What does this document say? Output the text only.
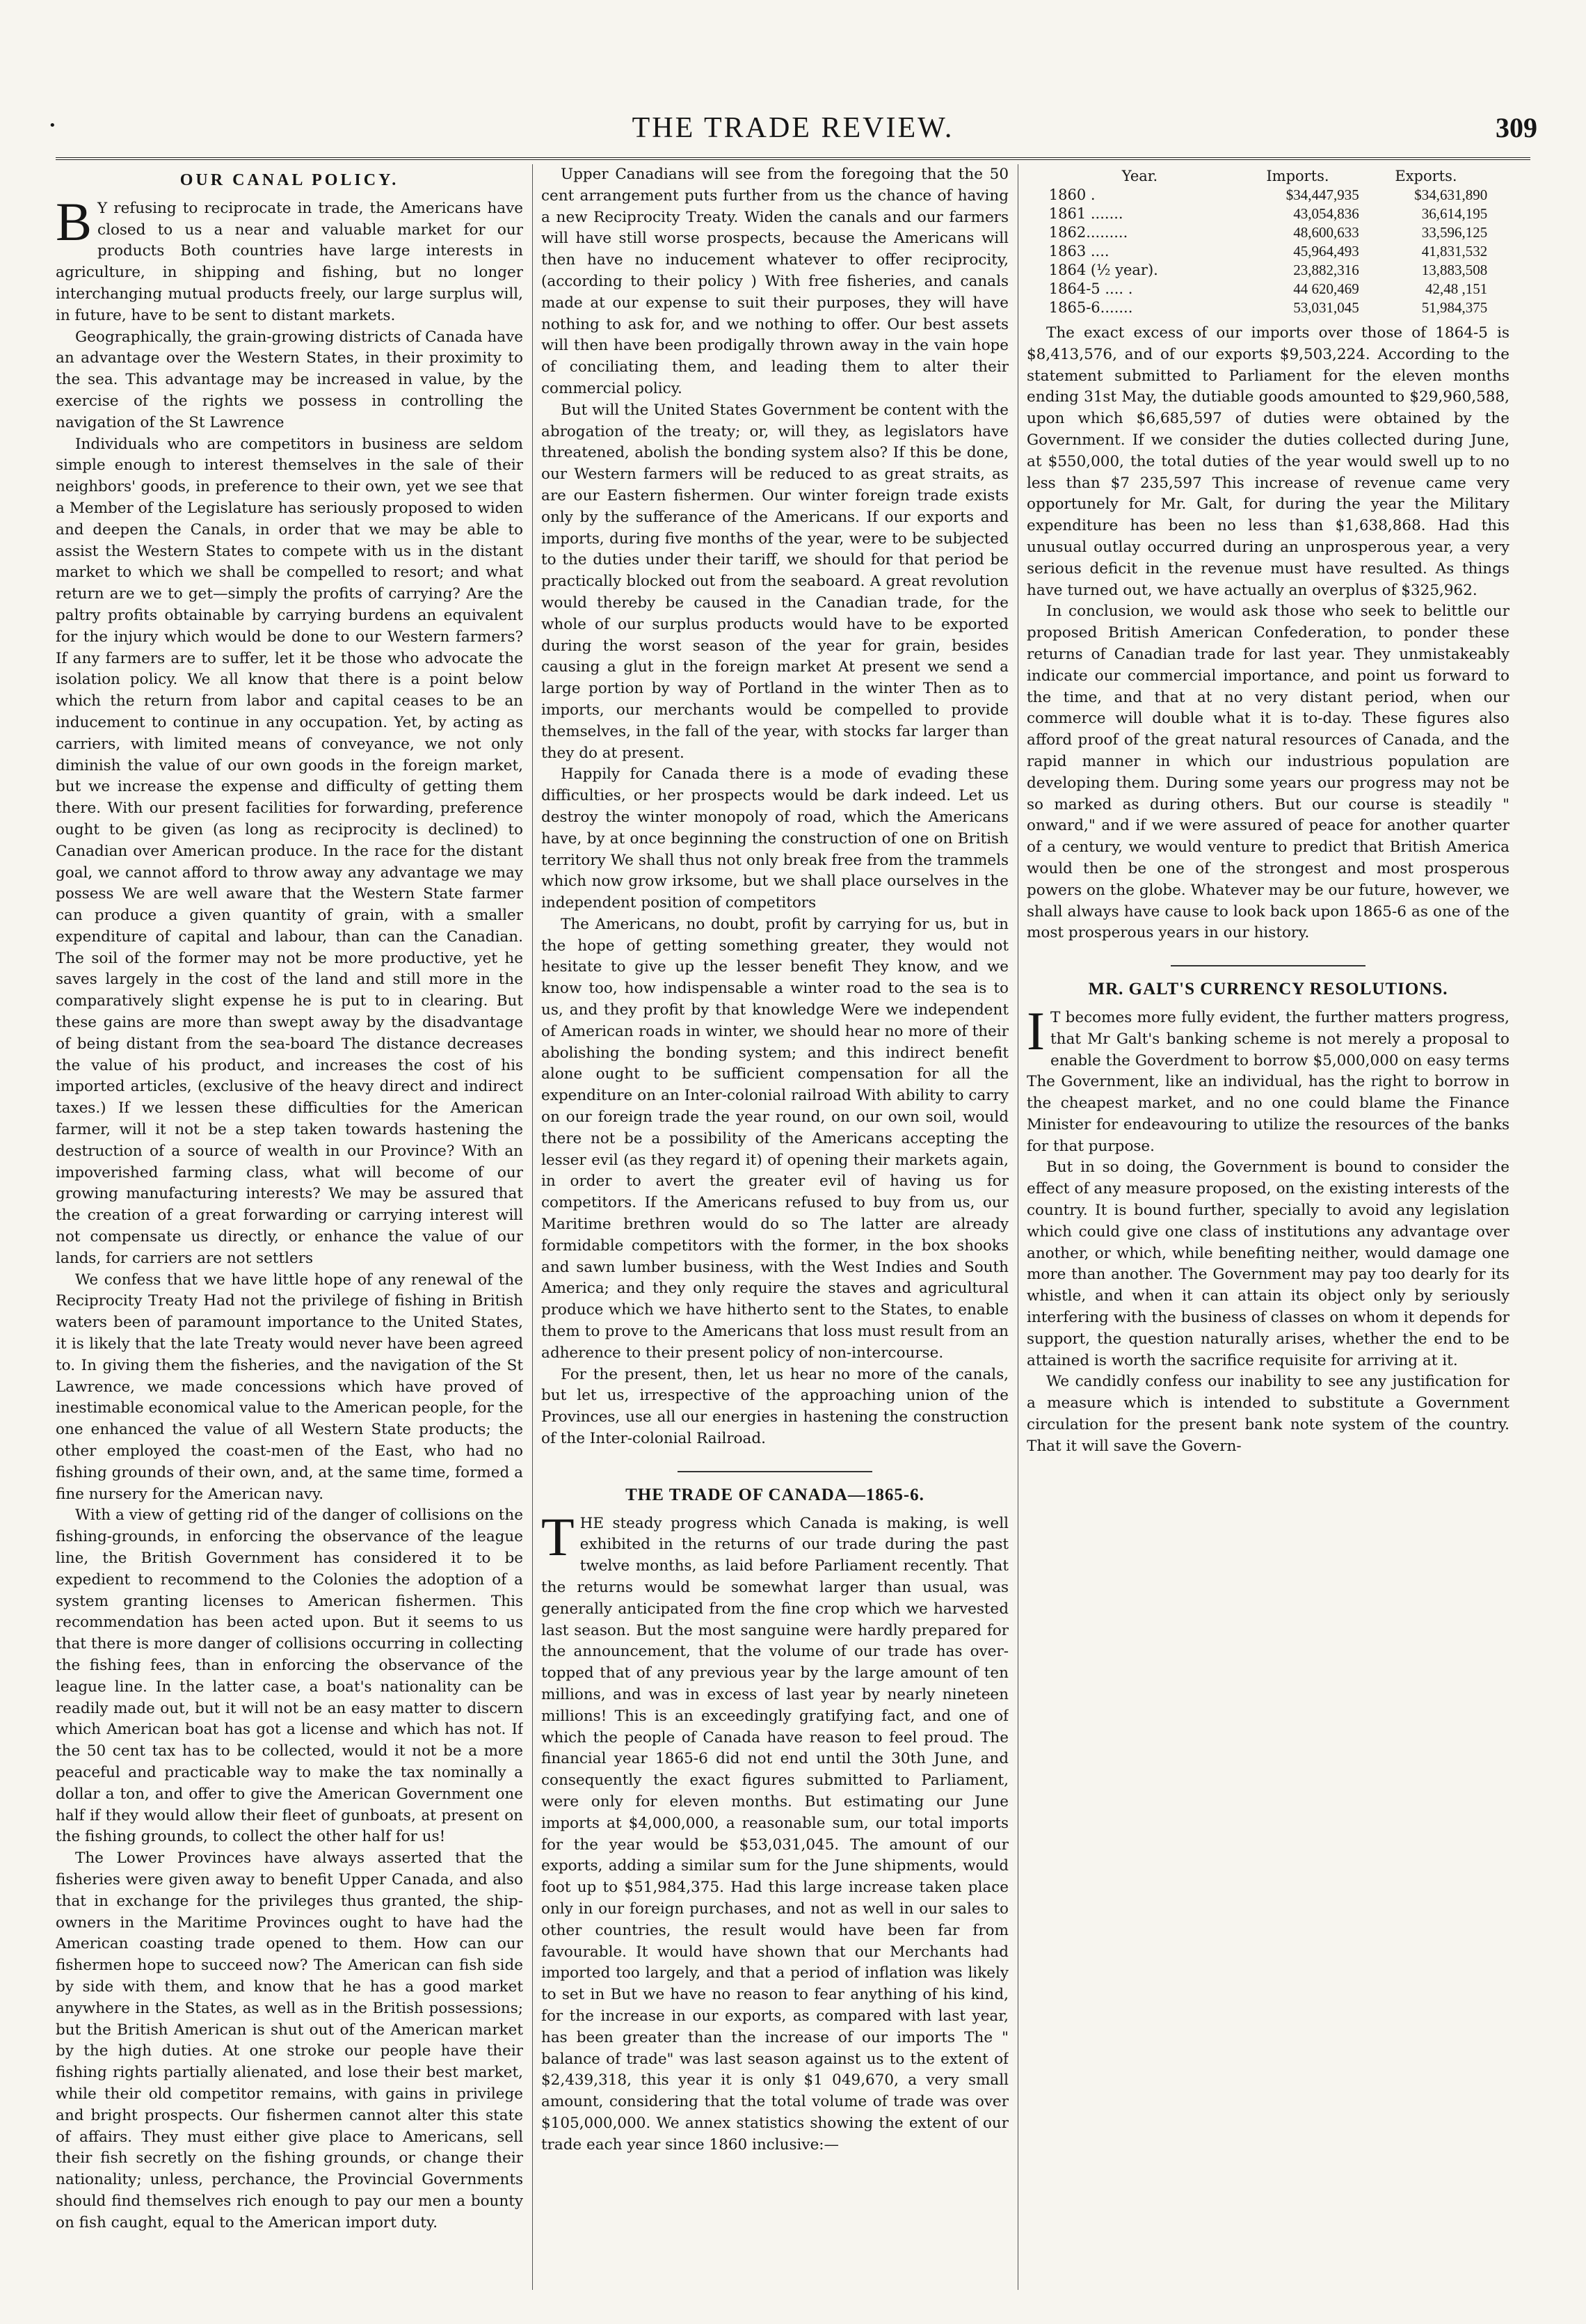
•	THE TRADE REVIEW.	309
OUR CANAL POLICY.

B Y refusing to reciprocate in trade, the Americans have closed to us a near and valuable market for our products Both countries have large interests in agriculture, in shipping and fishing, but no longer interchanging mutual products freely, our large surplus will, in future, have to be sent to distant markets.

Geographically, the grain-growing districts of Canada have an advantage over the Western States, in their proximity to the sea. This advantage may be increased in value, by the exercise of the rights we possess in controlling the navigation of the St Lawrence

Individuals who are competitors in business are seldom simple enough to interest themselves in the sale of their neighbors' goods, in preference to their own, yet we see that a Member of the Legislature has seriously proposed to widen and deepen the Canals, in order that we may be able to assist the Western States to compete with us in the distant market to which we shall be compelled to resort; and what return are we to get—simply the profits of carrying? Are the paltry profits obtainable by carrying burdens an equivalent for the injury which would be done to our Western farmers? If any farmers are to suffer, let it be those who advocate the isolation policy. We all know that there is a point below which the return from labor and capital ceases to be an inducement to continue in any occupation. Yet, by acting as carriers, with limited means of conveyance, we not only diminish the value of our own goods in the foreign market, but we increase the expense and difficulty of getting them there. With our present facilities for forwarding, preference ought to be given (as long as reciprocity is declined) to Canadian over American produce. In the race for the distant goal, we cannot afford to throw away any advantage we may possess We are well aware that the Western State farmer can produce a given quantity of grain, with a smaller expenditure of capital and labour, than can the Canadian. The soil of the former may not be more productive, yet he saves largely in the cost of the land and still more in the comparatively slight expense he is put to in clearing. But these gains are more than swept away by the disadvantage of being distant from the sea-board The distance decreases the value of his product, and increases the cost of his imported articles, (exclusive of the heavy direct and indirect taxes.) If we lessen these difficulties for the American farmer, will it not be a step taken towards hastening the destruction of a source of wealth in our Province? With an impoverished farming class, what will become of our growing manufacturing interests? We may be assured that the creation of a great forwarding or carrying interest will not compensate us directly, or enhance the value of our lands, for carriers are not settlers

We confess that we have little hope of any renewal of the Reciprocity Treaty Had not the privilege of fishing in British waters been of paramount importance to the United States, it is likely that the late Treaty would never have been agreed to. In giving them the fisheries, and the navigation of the St Lawrence, we made concessions which have proved of inestimable economical value to the American people, for the one enhanced the value of all Western State products; the other employed the coast-men of the East, who had no fishing grounds of their own, and, at the same time, formed a fine nursery for the American navy.

With a view of getting rid of the danger of collisions on the fishing-grounds, in enforcing the observance of the league line, the British Government has considered it to be expedient to recommend to the Colonies the adoption of a system granting licenses to American fishermen. This recommendation has been acted upon. But it seems to us that there is more danger of collisions occurring in collecting the fishing fees, than in enforcing the observance of the league line. In the latter case, a boat's nationality can be readily made out, but it will not be an easy matter to discern which American boat has got a license and which has not. If the 50 cent tax has to be collected, would it not be a more peaceful and practicable way to make the tax nominally a dollar a ton, and offer to give the American Government one half if they would allow their fleet of gunboats, at present on the fishing grounds, to collect the other half for us!

The Lower Provinces have always asserted that the fisheries were given away to benefit Upper Canada, and also that in exchange for the privileges thus granted, the ship-owners in the Maritime Provinces ought to have had the American coasting trade opened to them. How can our fishermen hope to succeed now? The American can fish side by side with them, and know that he has a good market anywhere in the States, as well as in the British possessions; but the British American is shut out of the American market by the high duties. At one stroke our people have their fishing rights partially alienated, and lose their best market, while their old competitor remains, with gains in privilege and bright prospects. Our fishermen cannot alter this state of affairs. They must either give place to Americans, sell their fish secretly on the fishing grounds, or change their nationality; unless, perchance, the Provincial Governments should find themselves rich enough to pay our men a bounty on fish caught, equal to the American import duty.

Upper Canadians will see from the foregoing that the 50 cent arrangement puts further from us the chance of having a new Reciprocity Treaty. Widen the canals and our farmers will have still worse prospects, because the Americans will then have no inducement whatever to offer reciprocity, (according to their policy ) With free fisheries, and canals made at our expense to suit their purposes, they will have nothing to ask for, and we nothing to offer. Our best assets will then have been prodigally thrown away in the vain hope of conciliating them, and leading them to alter their commercial policy.

But will the United States Government be content with the abrogation of the treaty; or, will they, as legislators have threatened, abolish the bonding system also? If this be done, our Western farmers will be reduced to as great straits, as are our Eastern fishermen. Our winter foreign trade exists only by the sufferance of the Americans. If our exports and imports, during five months of the year, were to be subjected to the duties under their tariff, we should for that period be practically blocked out from the seaboard. A great revolution would thereby be caused in the Canadian trade, for the whole of our surplus products would have to be exported during the worst season of the year for grain, besides causing a glut in the foreign market At present we send a large portion by way of Portland in the winter Then as to imports, our merchants would be compelled to provide themselves, in the fall of the year, with stocks far larger than they do at present.

Happily for Canada there is a mode of evading these difficulties, or her prospects would be dark indeed. Let us destroy the winter monopoly of road, which the Americans have, by at once beginning the construction of one on British territory We shall thus not only break free from the trammels which now grow irksome, but we shall place ourselves in the independent position of competitors

The Americans, no doubt, profit by carrying for us, but in the hope of getting something greater, they would not hesitate to give up the lesser benefit They know, and we know too, how indispensable a winter road to the sea is to us, and they profit by that knowledge Were we independent of American roads in winter, we should hear no more of their abolishing the bonding system; and this indirect benefit alone ought to be sufficient compensation for all the expenditure on an Inter-colonial railroad With ability to carry on our foreign trade the year round, on our own soil, would there not be a possibility of the Americans accepting the lesser evil (as they regard it) of opening their markets again, in order to avert the greater evil of having us for competitors. If the Americans refused to buy from us, our Maritime brethren would do so The latter are already formidable competitors with the former, in the box shooks and sawn lumber business, with the West Indies and South America; and they only require the staves and agricultural produce which we have hitherto sent to the States, to enable them to prove to the Americans that loss must result from an adherence to their present policy of non-intercourse.

For the present, then, let us hear no more of the canals, but let us, irrespective of the approaching union of the Provinces, use all our energies in hastening the construction of the Inter-colonial Railroad.

THE TRADE OF CANADA—1865-6.

THE steady progress which Canada is making, is well exhibited in the returns of our trade during the past twelve months, as laid before Parliament recently. That the returns would be somewhat larger than usual, was generally anticipated from the fine crop which we harvested last season. But the most sanguine were hardly prepared for the announcement, that the volume of our trade has over-topped that of any previous year by the large amount of ten millions, and was in excess of last year by nearly nineteen millions! This is an exceedingly gratifying fact, and one of which the people of Canada have reason to feel proud. The financial year 1865-6 did not end until the 30th June, and consequently the exact figures submitted to Parliament, were only for eleven months. But estimating our June imports at $4,000,000, a reasonable sum, our total imports for the year would be $53,031,045. The amount of our exports, adding a similar sum for the June shipments, would foot up to $51,984,375. Had this large increase taken place only in our foreign purchases, and not as well in our sales to other countries, the result would have been far from favourable. It would have shown that our Merchants had imported too largely, and that a period of inflation was likely to set in But we have no reason to fear anything of his kind, for the increase in our exports, as compared with last year, has been greater than the increase of our imports The " balance of trade" was last season against us to the extent of $2,439,318, this year it is only $1 049,670, a very small amount, considering that the total volume of trade was over $105,000,000. We annex statistics showing the extent of our trade each year since 1860 inclusive:—

Year.	Imports.	Exports.
1860 .	$34,447,935	$34,631,890
1861 .......	43,054,836	36,614,195
1862.........	48,600,633	33,596,125
1863 ....	45,964,493	41,831,532
1864 (½ year).	23,882,316	13,883,508
1864-5 .... .	44 620,469	42,48 ,151
1865-6.......	53,031,045	51,984,375

The exact excess of our imports over those of 1864-5 is $8,413,576, and of our exports $9,503,224. According to the statement submitted to Parliament for the eleven months ending 31st May, the dutiable goods amounted to $29,960,588, upon which $6,685,597 of duties were obtained by the Government. If we consider the duties collected during June, at $550,000, the total duties of the year would swell up to no less than $7 235,597 This increase of revenue came very opportunely for Mr. Galt, for during the year the Military expenditure has been no less than $1,638,868. Had this unusual outlay occurred during an unprosperous year, a very serious deficit in the revenue must have resulted. As things have turned out, we have actually an overplus of $325,962.

In conclusion, we would ask those who seek to belittle our proposed British American Confederation, to ponder these returns of Canadian trade for last year. They unmistakeably indicate our commercial importance, and point us forward to the time, and that at no very distant period, when our commerce will double what it is to-day. These figures also afford proof of the great natural resources of Canada, and the rapid manner in which our industrious population are developing them. During some years our progress may not be so marked as during others. But our course is steadily " onward," and if we were assured of peace for another quarter of a century, we would venture to predict that British America would then be one of the strongest and most prosperous powers on the globe. Whatever may be our future, however, we shall always have cause to look back upon 1865-6 as one of the most prosperous years in our history.

MR. GALT'S CURRENCY RESOLUTIONS.

I T becomes more fully evident, the further matters progress, that Mr Galt's banking scheme is not merely a proposal to enable the Goverdment to borrow $5,000,000 on easy terms The Government, like an individual, has the right to borrow in the cheapest market, and no one could blame the Finance Minister for endeavouring to utilize the resources of the banks for that purpose.

But in so doing, the Government is bound to consider the effect of any measure proposed, on the existing interests of the country. It is bound further, specially to avoid any legislation which could give one class of institutions any advantage over another, or which, while benefiting neither, would damage one more than another. The Government may pay too dearly for its whistle, and when it can attain its object only by seriously interfering with the business of classes on whom it depends for support, the question naturally arises, whether the end to be attained is worth the sacrifice requisite for arriving at it.

We candidly confess our inability to see any justification for a measure which is intended to substitute a Government circulation for the present bank note system of the country. That it will save the Govern-
